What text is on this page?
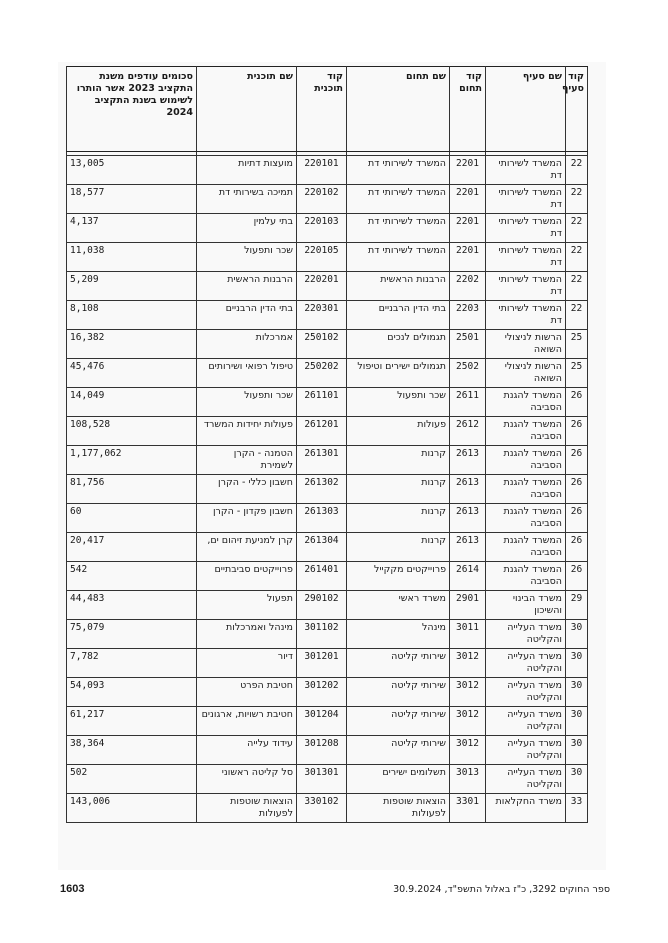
קוד סעיף	שם סעיף	קוד תחום	שם תחום	קוד תוכנית	שם תוכנית	סכומים עודפים משנת התקציב 2023 אשר הותרו לשימוש בשנת התקציב 2024

22	המשרד לשירותי דת	2201	המשרד לשירותי דת	220101	מועצות דתיות	13,005
22	המשרד לשירותי דת	2201	המשרד לשירותי דת	220102	תמיכה בשירותי דת	18,577
22	המשרד לשירותי דת	2201	המשרד לשירותי דת	220103	בתי עלמין	4,137
22	המשרד לשירותי דת	2201	המשרד לשירותי דת	220105	שכר ותפעול	11,038
22	המשרד לשירותי דת	2202	הרבנות הראשית	220201	הרבנות הראשית	5,209
22	המשרד לשירותי דת	2203	בתי הדין הרבניים	220301	בתי הדין הרבניים	8,108
25	הרשות לניצולי השואה	2501	תגמולים לנכים	250102	אמרכלות	16,382
25	הרשות לניצולי השואה	2502	תגמולים ישירים וטיפול	250202	טיפול רפואי ושירותים	45,476
26	המשרד להגנת הסביבה	2611	שכר ותפעול	261101	שכר ותפעול	14,049
26	המשרד להגנת הסביבה	2612	פעולות	261201	פעולות יחידות המשרד	108,528
26	המשרד להגנת הסביבה	2613	קרנות	261301	הטמנה - הקרן לשמירת	1,177,062
26	המשרד להגנת הסביבה	2613	קרנות	261302	חשבון כללי - הקרן	81,756
26	המשרד להגנת הסביבה	2613	קרנות	261303	חשבון פקדון - הקרן	60
26	המשרד להגנת הסביבה	2613	קרנות	261304	קרן למניעת זיהום ים,	20,417
26	המשרד להגנת הסביבה	2614	פרוייקטים מקקייל	261401	פרוייקטים סביבתיים	542
29	משרד הבינוי והשיכון	2901	משרד ראשי	290102	תפעול	44,483
30	משרד העלייה והקליטה	3011	מינהל	301102	מינהל ואמרכלות	75,079
30	משרד העלייה והקליטה	3012	שירותי קליטה	301201	דיור	7,782
30	משרד העלייה והקליטה	3012	שירותי קליטה	301202	חטיבת הפרט	54,093
30	משרד העלייה והקליטה	3012	שירותי קליטה	301204	חטיבת רשויות, ארגונים	61,217
30	משרד העלייה והקליטה	3012	שירותי קליטה	301208	עידוד עלייה	38,364
30	משרד העלייה והקליטה	3013	תשלומים ישירים	301301	סל קליטה ראשוני	502
33	משרד החקלאות	3301	הוצאות שוטפות לפעולות	330102	הוצאות שוטפות לפעולות	143,006
1603	ספר החוקים 3292, כ"ז באלול התשפ"ד, 30.9.2024
